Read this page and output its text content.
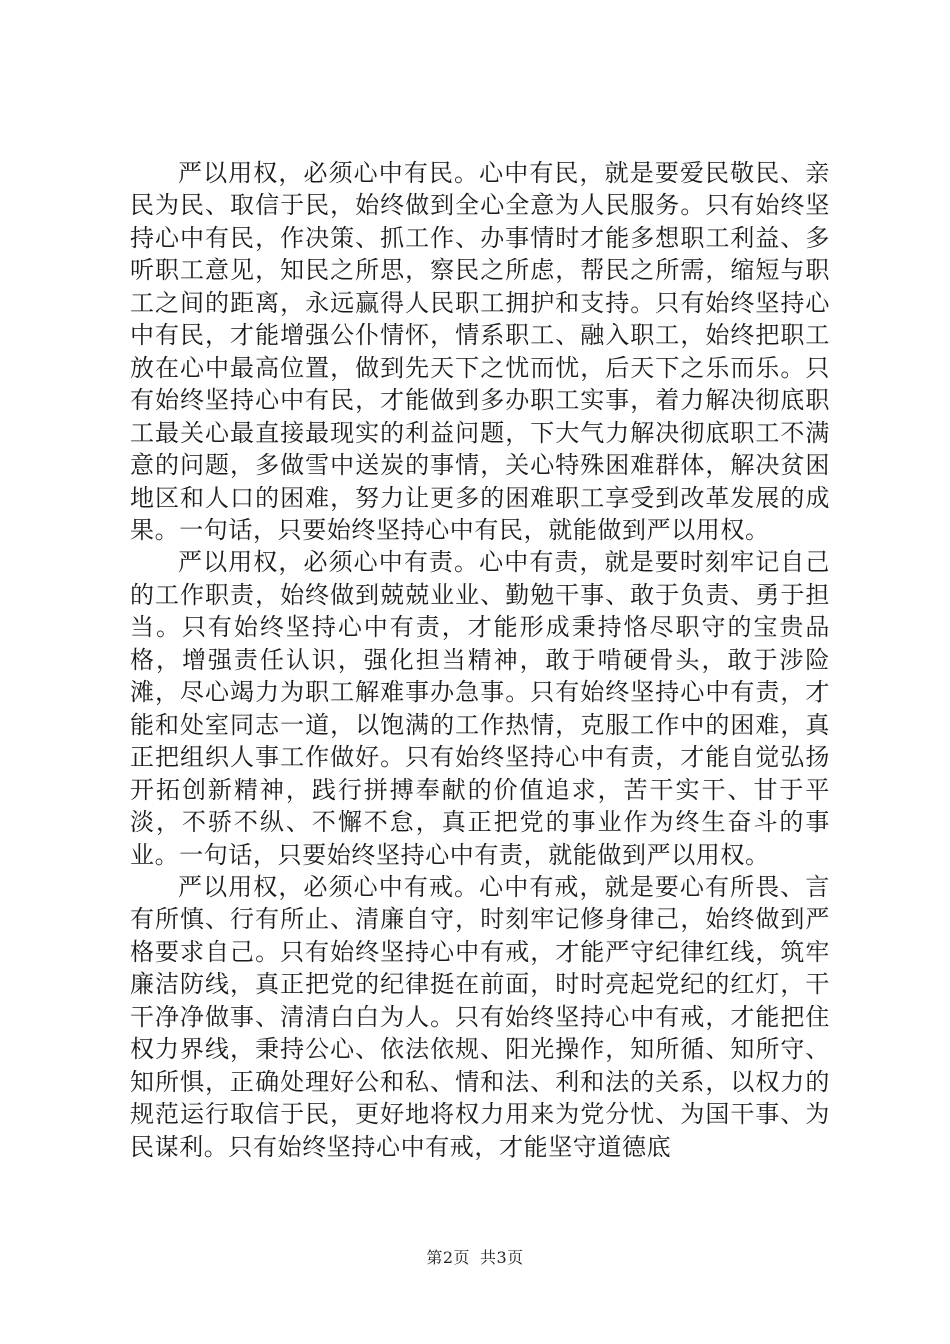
严以用权，必须心中有民。心中有民，就是要爱民敬民、亲民为民、取信于民，始终做到全心全意为人民服务。只有始终坚持心中有民，作决策、抓工作、办事情时才能多想职工利益、多听职工意见，知民之所思，察民之所虑，帮民之所需，缩短与职工之间的距离，永远赢得人民职工拥护和支持。只有始终坚持心中有民，才能增强公仆情怀，情系职工、融入职工，始终把职工放在心中最高位置，做到先天下之忧而忧，后天下之乐而乐。只有始终坚持心中有民，才能做到多办职工实事，着力解决彻底职工最关心最直接最现实的利益问题，下大气力解决彻底职工不满意的问题，多做雪中送炭的事情，关心特殊困难群体，解决贫困地区和人口的困难，努力让更多的困难职工享受到改革发展的成果。一句话，只要始终坚持心中有民，就能做到严以用权。

严以用权，必须心中有责。心中有责，就是要时刻牢记自己的工作职责，始终做到兢兢业业、勤勉干事、敢于负责、勇于担当。只有始终坚持心中有责，才能形成秉持恪尽职守的宝贵品格，增强责任认识，强化担当精神，敢于啃硬骨头，敢于涉险滩，尽心竭力为职工解难事办急事。只有始终坚持心中有责，才能和处室同志一道，以饱满的工作热情，克服工作中的困难，真正把组织人事工作做好。只有始终坚持心中有责，才能自觉弘扬开拓创新精神，践行拼搏奉献的价值追求，苦干实干、甘于平淡，不骄不纵、不懈不怠，真正把党的事业作为终生奋斗的事业。一句话，只要始终坚持心中有责，就能做到严以用权。

严以用权，必须心中有戒。心中有戒，就是要心有所畏、言有所慎、行有所止、清廉自守，时刻牢记修身律己，始终做到严格要求自己。只有始终坚持心中有戒，才能严守纪律红线，筑牢廉洁防线，真正把党的纪律挺在前面，时时亮起党纪的红灯，干干净净做事、清清白白为人。只有始终坚持心中有戒，才能把住权力界线，秉持公心、依法依规、阳光操作，知所循、知所守、知所惧，正确处理好公和私、情和法、利和法的关系，以权力的规范运行取信于民，更好地将权力用来为党分忧、为国干事、为民谋利。只有始终坚持心中有戒，才能坚守道德底

第2页 共3页
